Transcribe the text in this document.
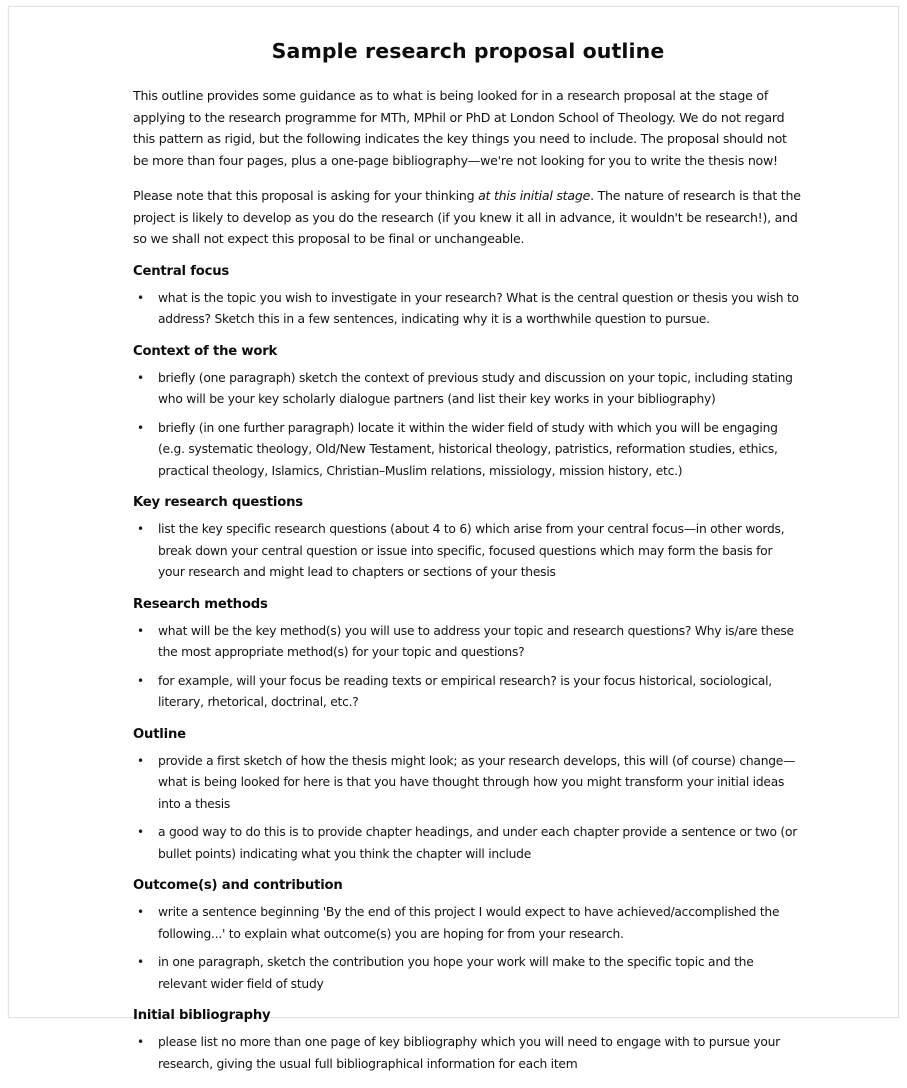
Sample research proposal outline

This outline provides some guidance as to what is being looked for in a research proposal at the stage of applying to the research programme for MTh, MPhil or PhD at London School of Theology. We do not regard this pattern as rigid, but the following indicates the key things you need to include. The proposal should not be more than four pages, plus a one-page bibliography—we're not looking for you to write the thesis now!

Please note that this proposal is asking for your thinking at this initial stage. The nature of research is that the project is likely to develop as you do the research (if you knew it all in advance, it wouldn't be research!), and so we shall not expect this proposal to be final or unchangeable.

Central focus
• what is the topic you wish to investigate in your research? What is the central question or thesis you wish to address? Sketch this in a few sentences, indicating why it is a worthwhile question to pursue.
Context of the work
• briefly (one paragraph) sketch the context of previous study and discussion on your topic, including stating who will be your key scholarly dialogue partners (and list their key works in your bibliography)
• briefly (in one further paragraph) locate it within the wider field of study with which you will be engaging (e.g. systematic theology, Old/New Testament, historical theology, patristics, reformation studies, ethics, practical theology, Islamics, Christian–Muslim relations, missiology, mission history, etc.)
Key research questions
• list the key specific research questions (about 4 to 6) which arise from your central focus—in other words, break down your central question or issue into specific, focused questions which may form the basis for your research and might lead to chapters or sections of your thesis
Research methods
• what will be the key method(s) you will use to address your topic and research questions? Why is/are these the most appropriate method(s) for your topic and questions?
• for example, will your focus be reading texts or empirical research? is your focus historical, sociological, literary, rhetorical, doctrinal, etc.?
Outline
• provide a first sketch of how the thesis might look; as your research develops, this will (of course) change—what is being looked for here is that you have thought through how you might transform your initial ideas into a thesis
• a good way to do this is to provide chapter headings, and under each chapter provide a sentence or two (or bullet points) indicating what you think the chapter will include
Outcome(s) and contribution
• write a sentence beginning 'By the end of this project I would expect to have achieved/accomplished the following...' to explain what outcome(s) you are hoping for from your research.
• in one paragraph, sketch the contribution you hope your work will make to the specific topic and the relevant wider field of study
Initial bibliography
• please list no more than one page of key bibliography which you will need to engage with to pursue your research, giving the usual full bibliographical information for each item
